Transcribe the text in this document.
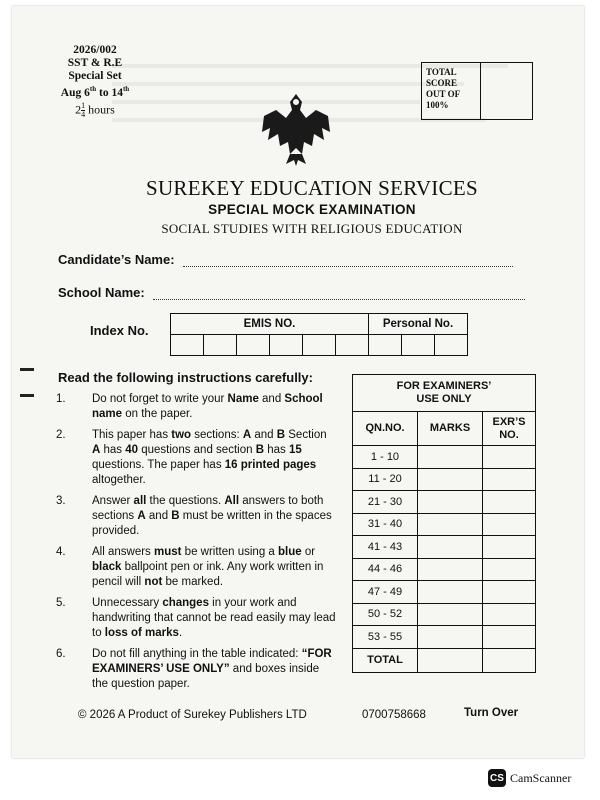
2026/002
SST & R.E
Special Set
Aug 6th to 14th
$2 \frac{1}{4}$ hours
TOTAL
SCORE
OUT OF
100%
SUREKEY EDUCATION SERVICES
SPECIAL MOCK EXAMINATION
SOCIAL STUDIES WITH RELIGIOUS EDUCATION
Candidate’s Name:
School Name:
Index No.	EMIS NO.						Personal No.		

Read the following instructions carefully:
1.	Do not forget to write your Name and School name on the paper.
2.	This paper has two sections: A and B Section A has 40 questions and section B has 15 questions. The paper has 16 printed pages altogether.
3.	Answer all the questions. All answers to both sections A and B must be written in the spaces provided.
4.	All answers must be written using a blue or black ballpoint pen or ink. Any work written in pencil will not be marked.
5.	Unnecessary changes in your work and handwriting that cannot be read easily may lead to loss of marks.
6.	Do not fill anything in the table indicated: “FOR EXAMINERS’ USE ONLY” and boxes inside the question paper.
FOR EXAMINERS’
USE ONLY		

QN.NO.	MARKS	EXR’S
NO.

1 - 10		
11 - 20		
21 - 30		
31 - 40		
41 - 43		
44 - 46		
47 - 49		
50 - 52		
53 - 55		
TOTAL		
© 2026 A Product of Surekey Publishers LTD	0700758668	Turn Over
CS CamScanner
